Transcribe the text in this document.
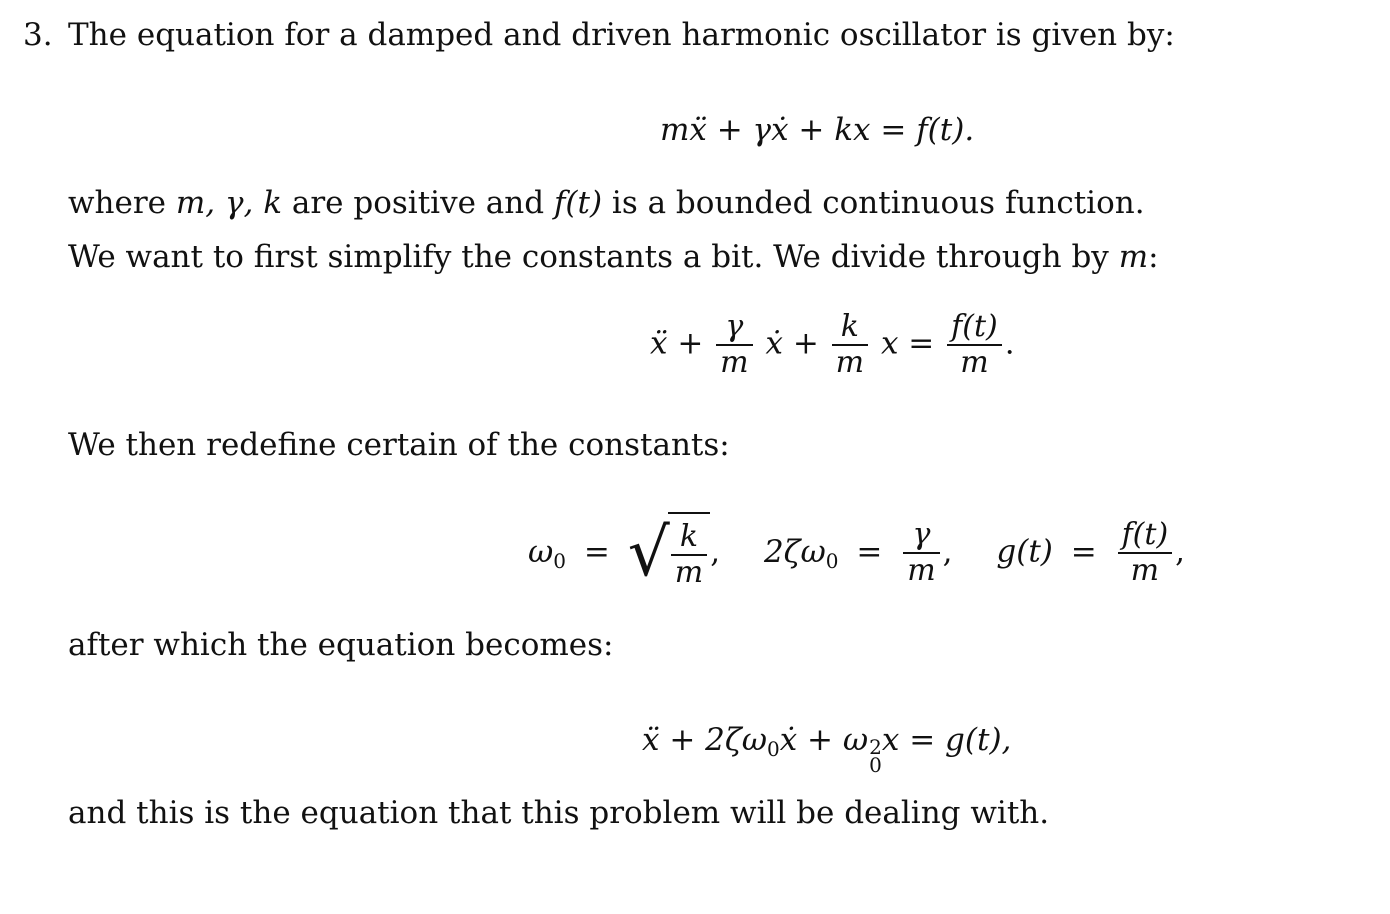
3. The equation for a damped and driven harmonic oscillator is given by:
mẍ + γẋ + kx = f(t).
where m, γ, k are positive and f(t) is a bounded continuous function.
We want to first simplify the constants a bit. We divide through by m:
ẍ + $\frac{\gamma}{m}$ ẋ + $\frac{k}{m}$ $x = \frac{f(t)}{m}$ .
We then redefine certain of the constants:
$\omega_0$ = √ $\frac{k}{m}$ , $2\zeta\omega_0 = \frac{\gamma}{m}$ , $g(t) = \frac{f(t)}{m}$ ,
after which the equation becomes:
ẍ + $2\zeta\omega_0ẋ + \omega$ 2
0
x = g(t),
and this is the equation that this problem will be dealing with.
